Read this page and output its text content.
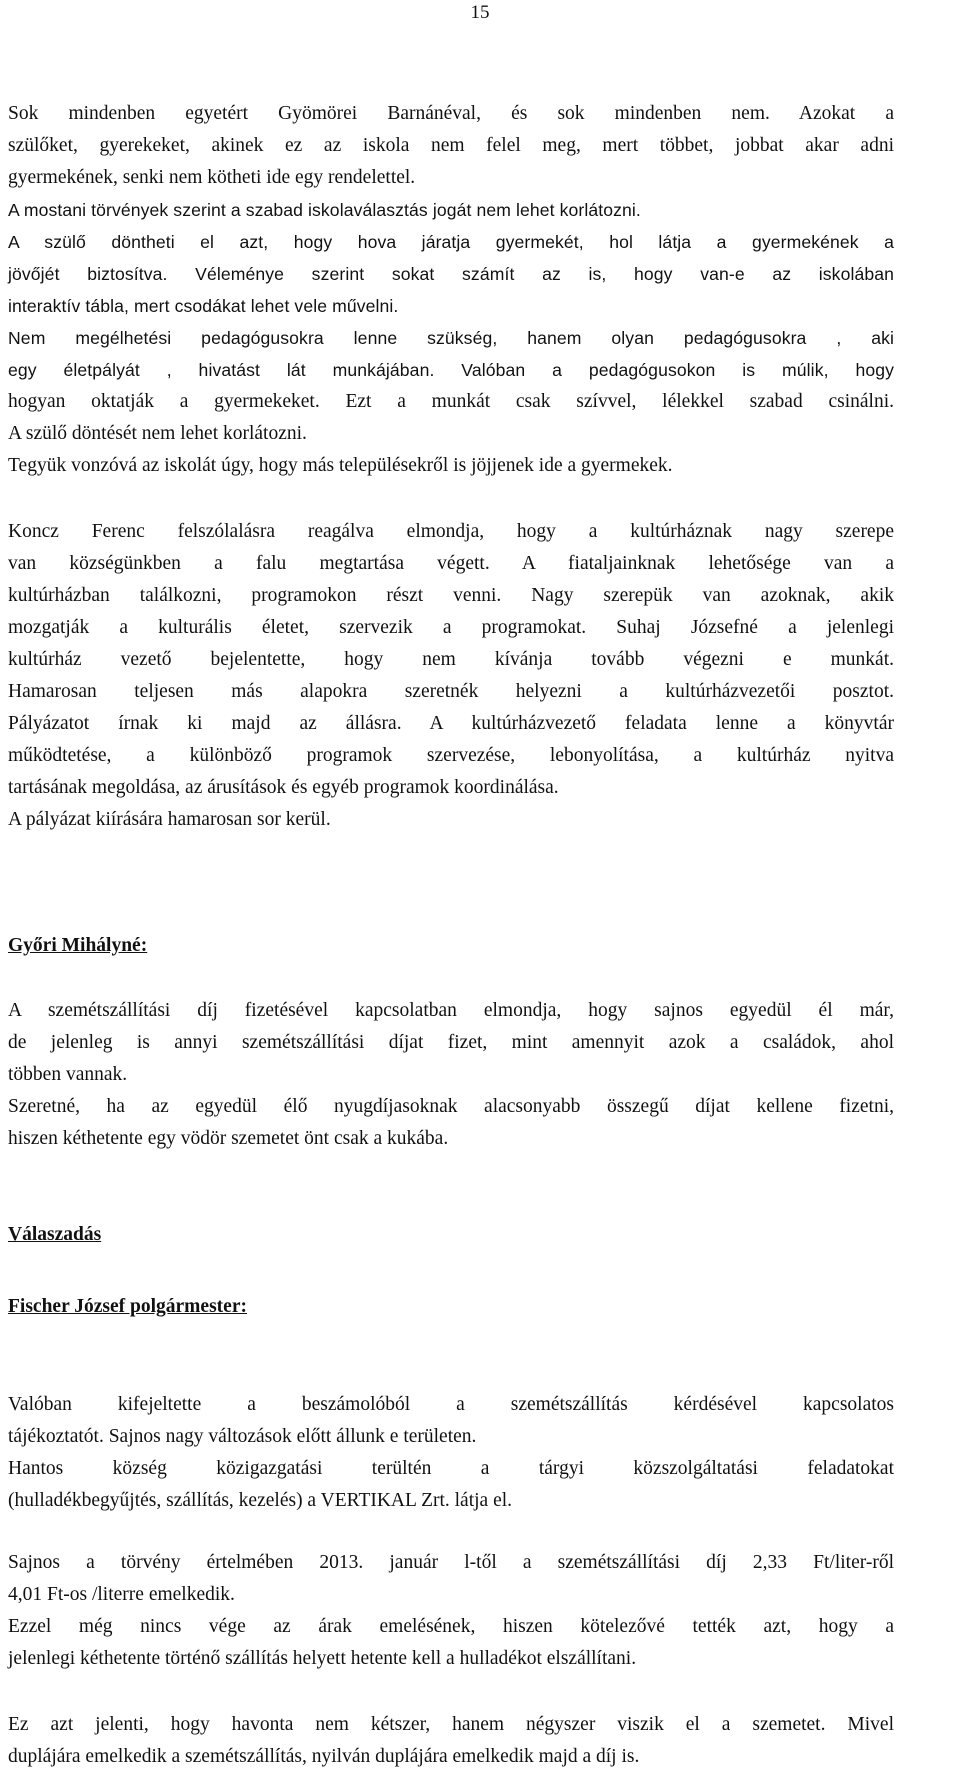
15

Sok mindenben egyetért Gyömörei Barnánéval, és sok mindenben nem. Azokat a
szülőket, gyerekeket, akinek ez az iskola nem felel meg, mert többet, jobbat akar adni
gyermekének, senki nem kötheti ide egy rendelettel.
A mostani törvények szerint a szabad iskolaválasztás jogát nem lehet korlátozni.
A szülő döntheti el azt, hogy hova járatja gyermekét, hol látja a gyermekének a
jövőjét biztosítva. Véleménye szerint sokat számít az is, hogy van-e az iskolában
interaktív tábla, mert csodákat lehet vele művelni.
Nem megélhetési pedagógusokra lenne szükség, hanem olyan pedagógusokra , aki
egy életpályát , hivatást lát munkájában. Valóban a pedagógusokon is múlik, hogy
hogyan oktatják a gyermekeket. Ezt a munkát csak szívvel, lélekkel szabad csinálni.
A szülő döntését nem lehet korlátozni.
Tegyük vonzóvá az iskolát úgy, hogy más településekről is jöjjenek ide a gyermekek.

Koncz Ferenc felszólalásra reagálva elmondja, hogy a kultúrháznak nagy szerepe
van községünkben a falu megtartása végett. A fiataljainknak lehetősége van a
kultúrházban találkozni, programokon részt venni. Nagy szerepük van azoknak, akik
mozgatják a kulturális életet, szervezik a programokat. Suhaj Józsefné a jelenlegi
kultúrház vezető bejelentette, hogy nem kívánja tovább végezni e munkát.
Hamarosan teljesen más alapokra szeretnék helyezni a kultúrházvezetői posztot.
Pályázatot írnak ki majd az állásra. A kultúrházvezető feladata lenne a könyvtár
működtetése, a különböző programok szervezése, lebonyolítása, a kultúrház nyitva
tartásának megoldása, az árusítások és egyéb programok koordinálása.
A pályázat kiírására hamarosan sor kerül.

Győri Mihályné:

A szemétszállítási díj fizetésével kapcsolatban elmondja, hogy sajnos egyedül él már,
de jelenleg is annyi szemétszállítási díjat fizet, mint amennyit azok a családok, ahol
többen vannak.
Szeretné, ha az egyedül élő nyugdíjasoknak alacsonyabb összegű díjat kellene fizetni,
hiszen kéthetente egy vödör szemetet önt csak a kukába.

Válaszadás

Fischer József polgármester:

Valóban kifejeltette a beszámolóból a szemétszállítás kérdésével kapcsolatos
tájékoztatót. Sajnos nagy változások előtt állunk e területen.
Hantos község közigazgatási terültén a tárgyi közszolgáltatási feladatokat
(hulladékbegyűjtés, szállítás, kezelés) a VERTIKAL Zrt. látja el.

Sajnos a törvény értelmében 2013. január l-től a szemétszállítási díj 2,33 Ft/liter-ről
4,01 Ft-os /literre emelkedik.
Ezzel még nincs vége az árak emelésének, hiszen kötelezővé tették azt, hogy a
jelenlegi kéthetente történő szállítás helyett hetente kell a hulladékot elszállítani.

Ez azt jelenti, hogy havonta nem kétszer, hanem négyszer viszik el a szemetet. Mivel
duplájára emelkedik a szemétszállítás, nyilván duplájára emelkedik majd a díj is.
